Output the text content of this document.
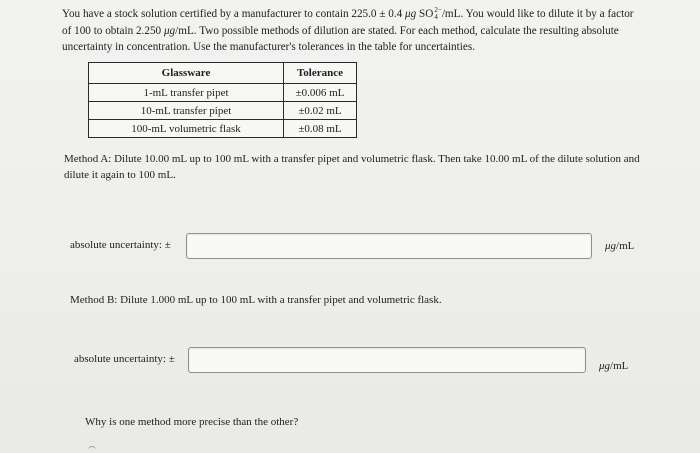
You have a stock solution certified by a manufacturer to contain 225.0 ± 0.4 μg SO 2−
4 /mL. You would like to dilute it by a factor of 100 to obtain 2.250 μg/mL. Two possible methods of dilution are stated. For each method, calculate the resulting absolute uncertainty in concentration. Use the manufacturer's tolerances in the table for uncertainties.
Glassware	Tolerance
1-mL transfer pipet	±0.006 mL
10-mL transfer pipet	±0.02 mL
100-mL volumetric flask	±0.08 mL
Method A: Dilute 10.00 mL up to 100 mL with a transfer pipet and volumetric flask. Then take 10.00 mL of the dilute solution and dilute it again to 100 mL.
absolute uncertainty: ±	μg/mL
Method B: Dilute 1.000 mL up to 100 mL with a transfer pipet and volumetric flask.
absolute uncertainty: ±
μg/mL
Why is one method more precise than the other?
